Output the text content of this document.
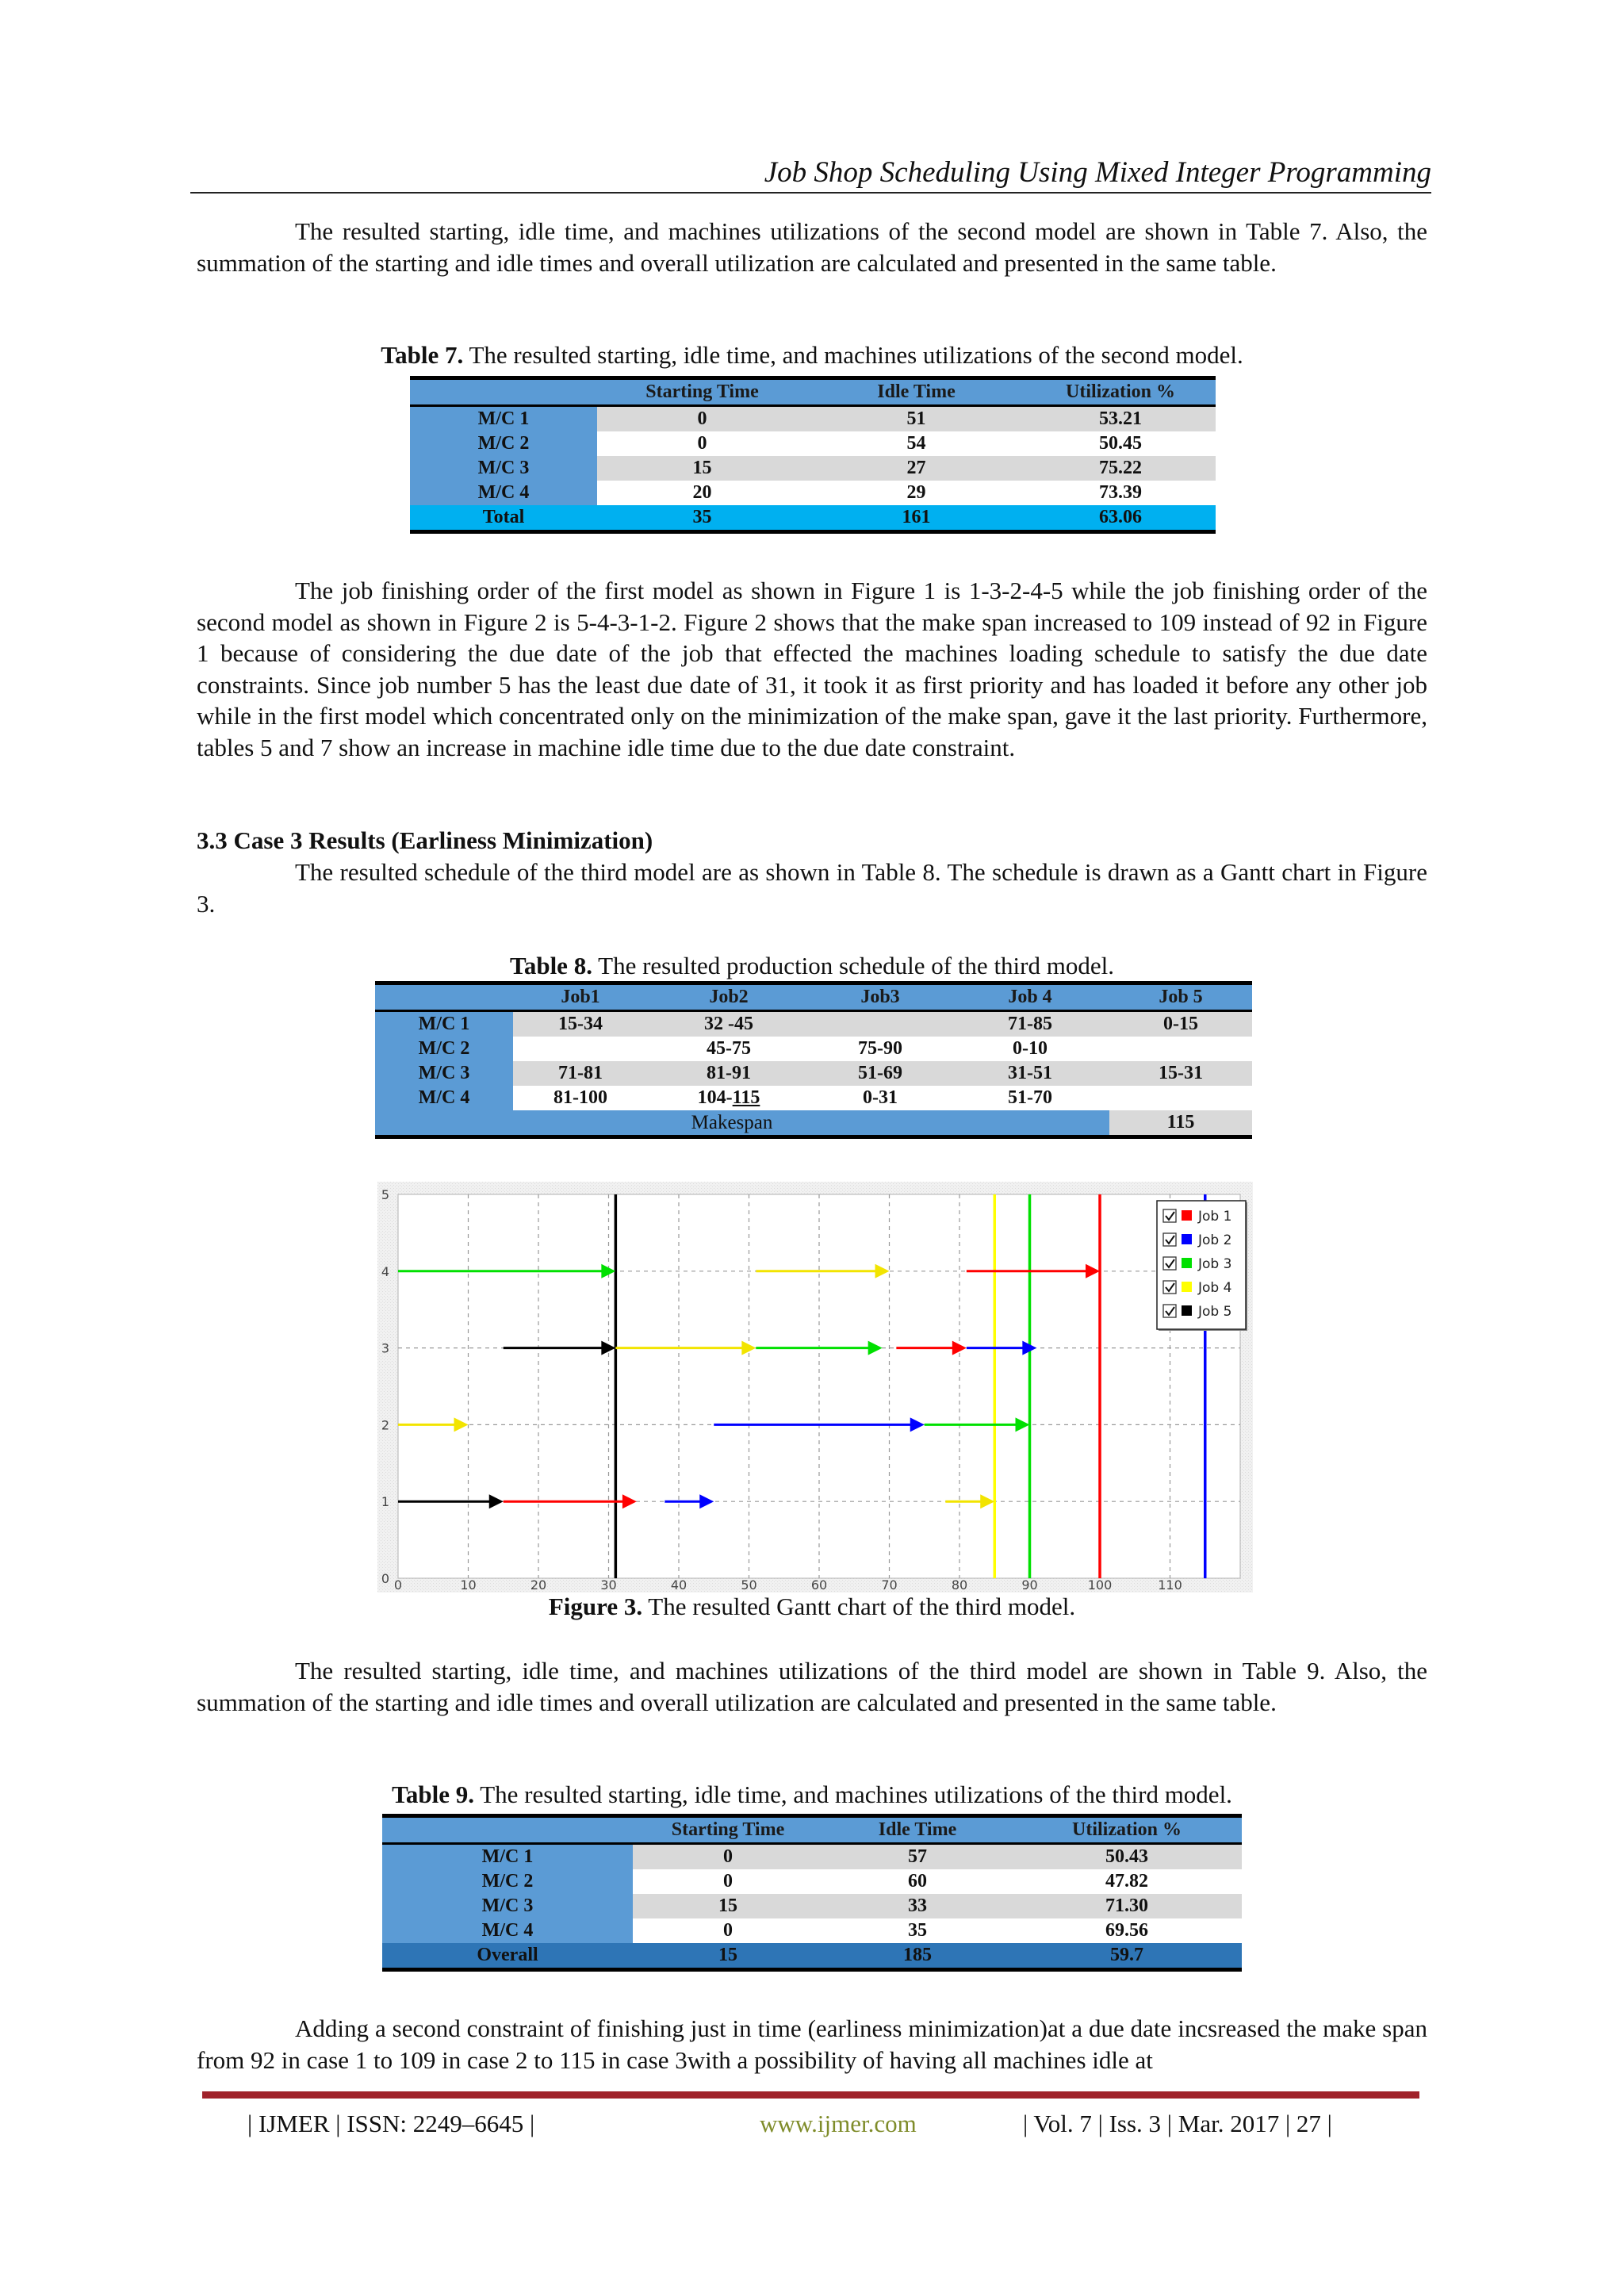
Job Shop Scheduling Using Mixed Integer Programming

The resulted starting, idle time, and machines utilizations of the second model are shown in Table 7. Also, the summation of the starting and idle times and overall utilization are calculated and presented in the same table.

Table 7. The resulted starting, idle time, and machines utilizations of the second model.
	Starting Time	Idle Time	Utilization %
M/C 1	0	51	53.21
M/C 2	0	54	50.45
M/C 3	15	27	75.22
M/C 4	20	29	73.39
Total	35	161	63.06

The job finishing order of the first model as shown in Figure 1 is 1-3-2-4-5 while the job finishing order of the second model as shown in Figure 2 is 5-4-3-1-2. Figure 2 shows that the make span increased to 109 instead of 92 in Figure 1 because of considering the due date of the job that effected the machines loading schedule to satisfy the due date constraints. Since job number 5 has the least due date of 31, it took it as first priority and has loaded it before any other job while in the first model which concentrated only on the minimization of the make span, gave it the last priority. Furthermore, tables 5 and 7 show an increase in machine idle time due to the due date constraint.

3.3 Case 3 Results (Earliness Minimization)

The resulted schedule of the third model are as shown in Table 8. The schedule is drawn as a Gantt chart in Figure 3.

Table 8. The resulted production schedule of the third model.
	Job1	Job2	Job3	Job 4	Job 5
M/C 1	15-34	32 -45		71-85	0-15
M/C 2		45-75	75-90	0-10	
M/C 3	71-81	81-91	51-69	31-51	15-31
M/C 4	81-100	104-115	0-31	51-70	
	Makespan				115
0	10	20	30	40	50	60	70	80	90	100	110
0
1
2
3
4
5
Job 1
Job 2
Job 3
Job 4
Job 5
Figure 3. The resulted Gantt chart of the third model.

The resulted starting, idle time, and machines utilizations of the third model are shown in Table 9. Also, the summation of the starting and idle times and overall utilization are calculated and presented in the same table.

Table 9. The resulted starting, idle time, and machines utilizations of the third model.
	Starting Time	Idle Time	Utilization %
M/C 1	0	57	50.43
M/C 2	0	60	47.82
M/C 3	15	33	71.30
M/C 4	0	35	69.56
Overall	15	185	59.7

Adding a second constraint of finishing just in time (earliness minimization)at a due date incsreased the make span from 92 in case 1 to 109 in case 2 to 115 in case 3with a possibility of having all machines idle at

| IJMER | ISSN: 2249–6645 |	www.ijmer.com	| Vol. 7 | Iss. 3 | Mar. 2017 | 27 |
